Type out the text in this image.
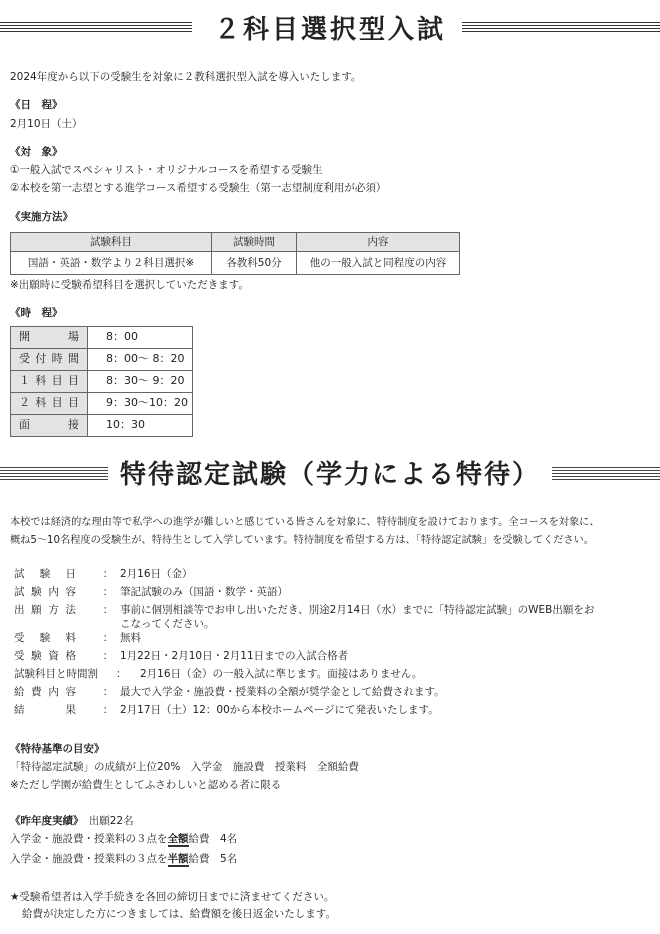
２科目選択型入試
2024年度から以下の受験生を対象に２教科選択型入試を導入いたします。
《日　程》
2月10日（土）
《対　象》
①一般入試でスペシャリスト・オリジナルコースを希望する受験生
②本校を第一志望とする進学コース希望する受験生（第一志望制度利用が必須）
《実施方法》
試験科目	試験時間	内容
国語・英語・数学より２科目選択※	各教科50分	他の一般入試と同程度の内容
※出願時に受験希望科目を選択していただきます。
《時　程》
開場	8：00
受付時間	8：00～ 8：20
１科目目	8：30～ 9：20
２科目目	9：30～10：20
面接	10：30
特待認定試験（学力による特待）
本校では経済的な理由等で私学への進学が難しいと感じている皆さんを対象に、特待制度を設けております。全コースを対象に、
概ね5～10名程度の受験生が、特待生として入学しています。特待制度を希望する方は、「特待認定試験」を受験してください。
試験日	： 2月16日（金）
試験内容	： 筆記試験のみ（国語・数学・英語）
出願方法	： 事前に個別相談等でお申し出いただき、別途2月14日（水）までに「特待認定試験」のWEB出願をお
こなってください。
受験料	： 無料
受験資格	： 1月22日・2月10日・2月11日までの入試合格者
試験科目と時間割	：	2月16日（金）の一般入試に準じます。面接はありません。
給費内容	： 最大で入学金・施設費・授業料の全額が奨学金として給費されます。
結果	： 2月17日（土）12：00から本校ホームページにて発表いたします。
《特待基準の目安》
「特待認定試験」の成績が上位20%　入学金　施設費　授業料　全額給費
※ただし学園が給費生としてふさわしいと認める者に限る
《昨年度実績》　 出願22名
入学金・施設費・授業料の３点を全額給費　4名
入学金・施設費・授業料の３点を半額給費　5名
★受験希望者は入学手続きを各回の締切日までに済ませてください。
給費が決定した方につきましては、給費額を後日返金いたします。
